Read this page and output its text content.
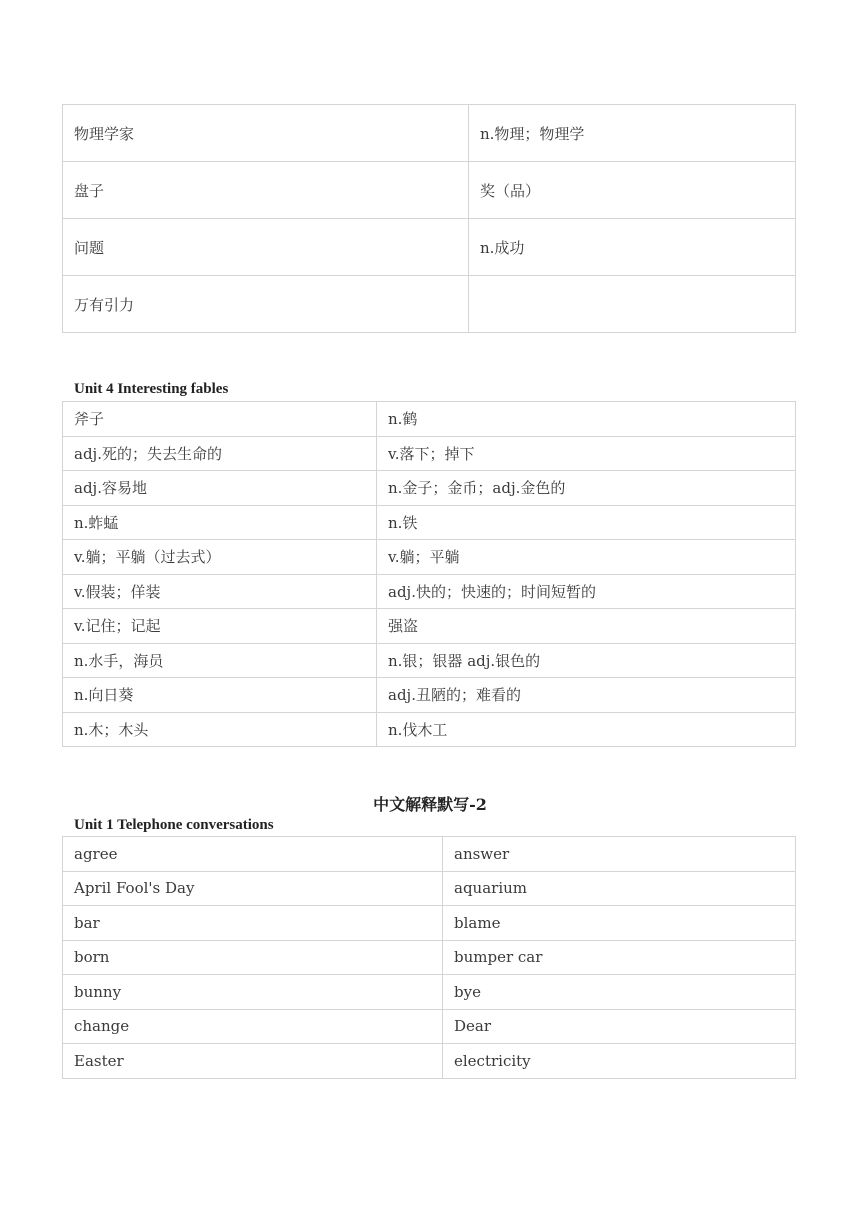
物理学家	n.物理；物理学
盘子	奖（品）
问题	n.成功
万有引力	
Unit 4 Interesting fables
斧子	n.鹤
adj.死的；失去生命的	v.落下；掉下
adj.容易地	n.金子；金币；adj.金色的
n.蚱蜢	n.铁
v.躺；平躺（过去式）	v.躺；平躺
v.假装；佯装	adj.快的；快速的；时间短暂的
v.记住；记起	强盗
n.水手，海员	n.银；银器 adj.银色的
n.向日葵	adj.丑陋的；难看的
n.木；木头	n.伐木工
中文解释默写-2
Unit 1 Telephone conversations
agree	answer
April Fool's Day	aquarium
bar	blame
born	bumper car
bunny	bye
change	Dear
Easter	electricity
